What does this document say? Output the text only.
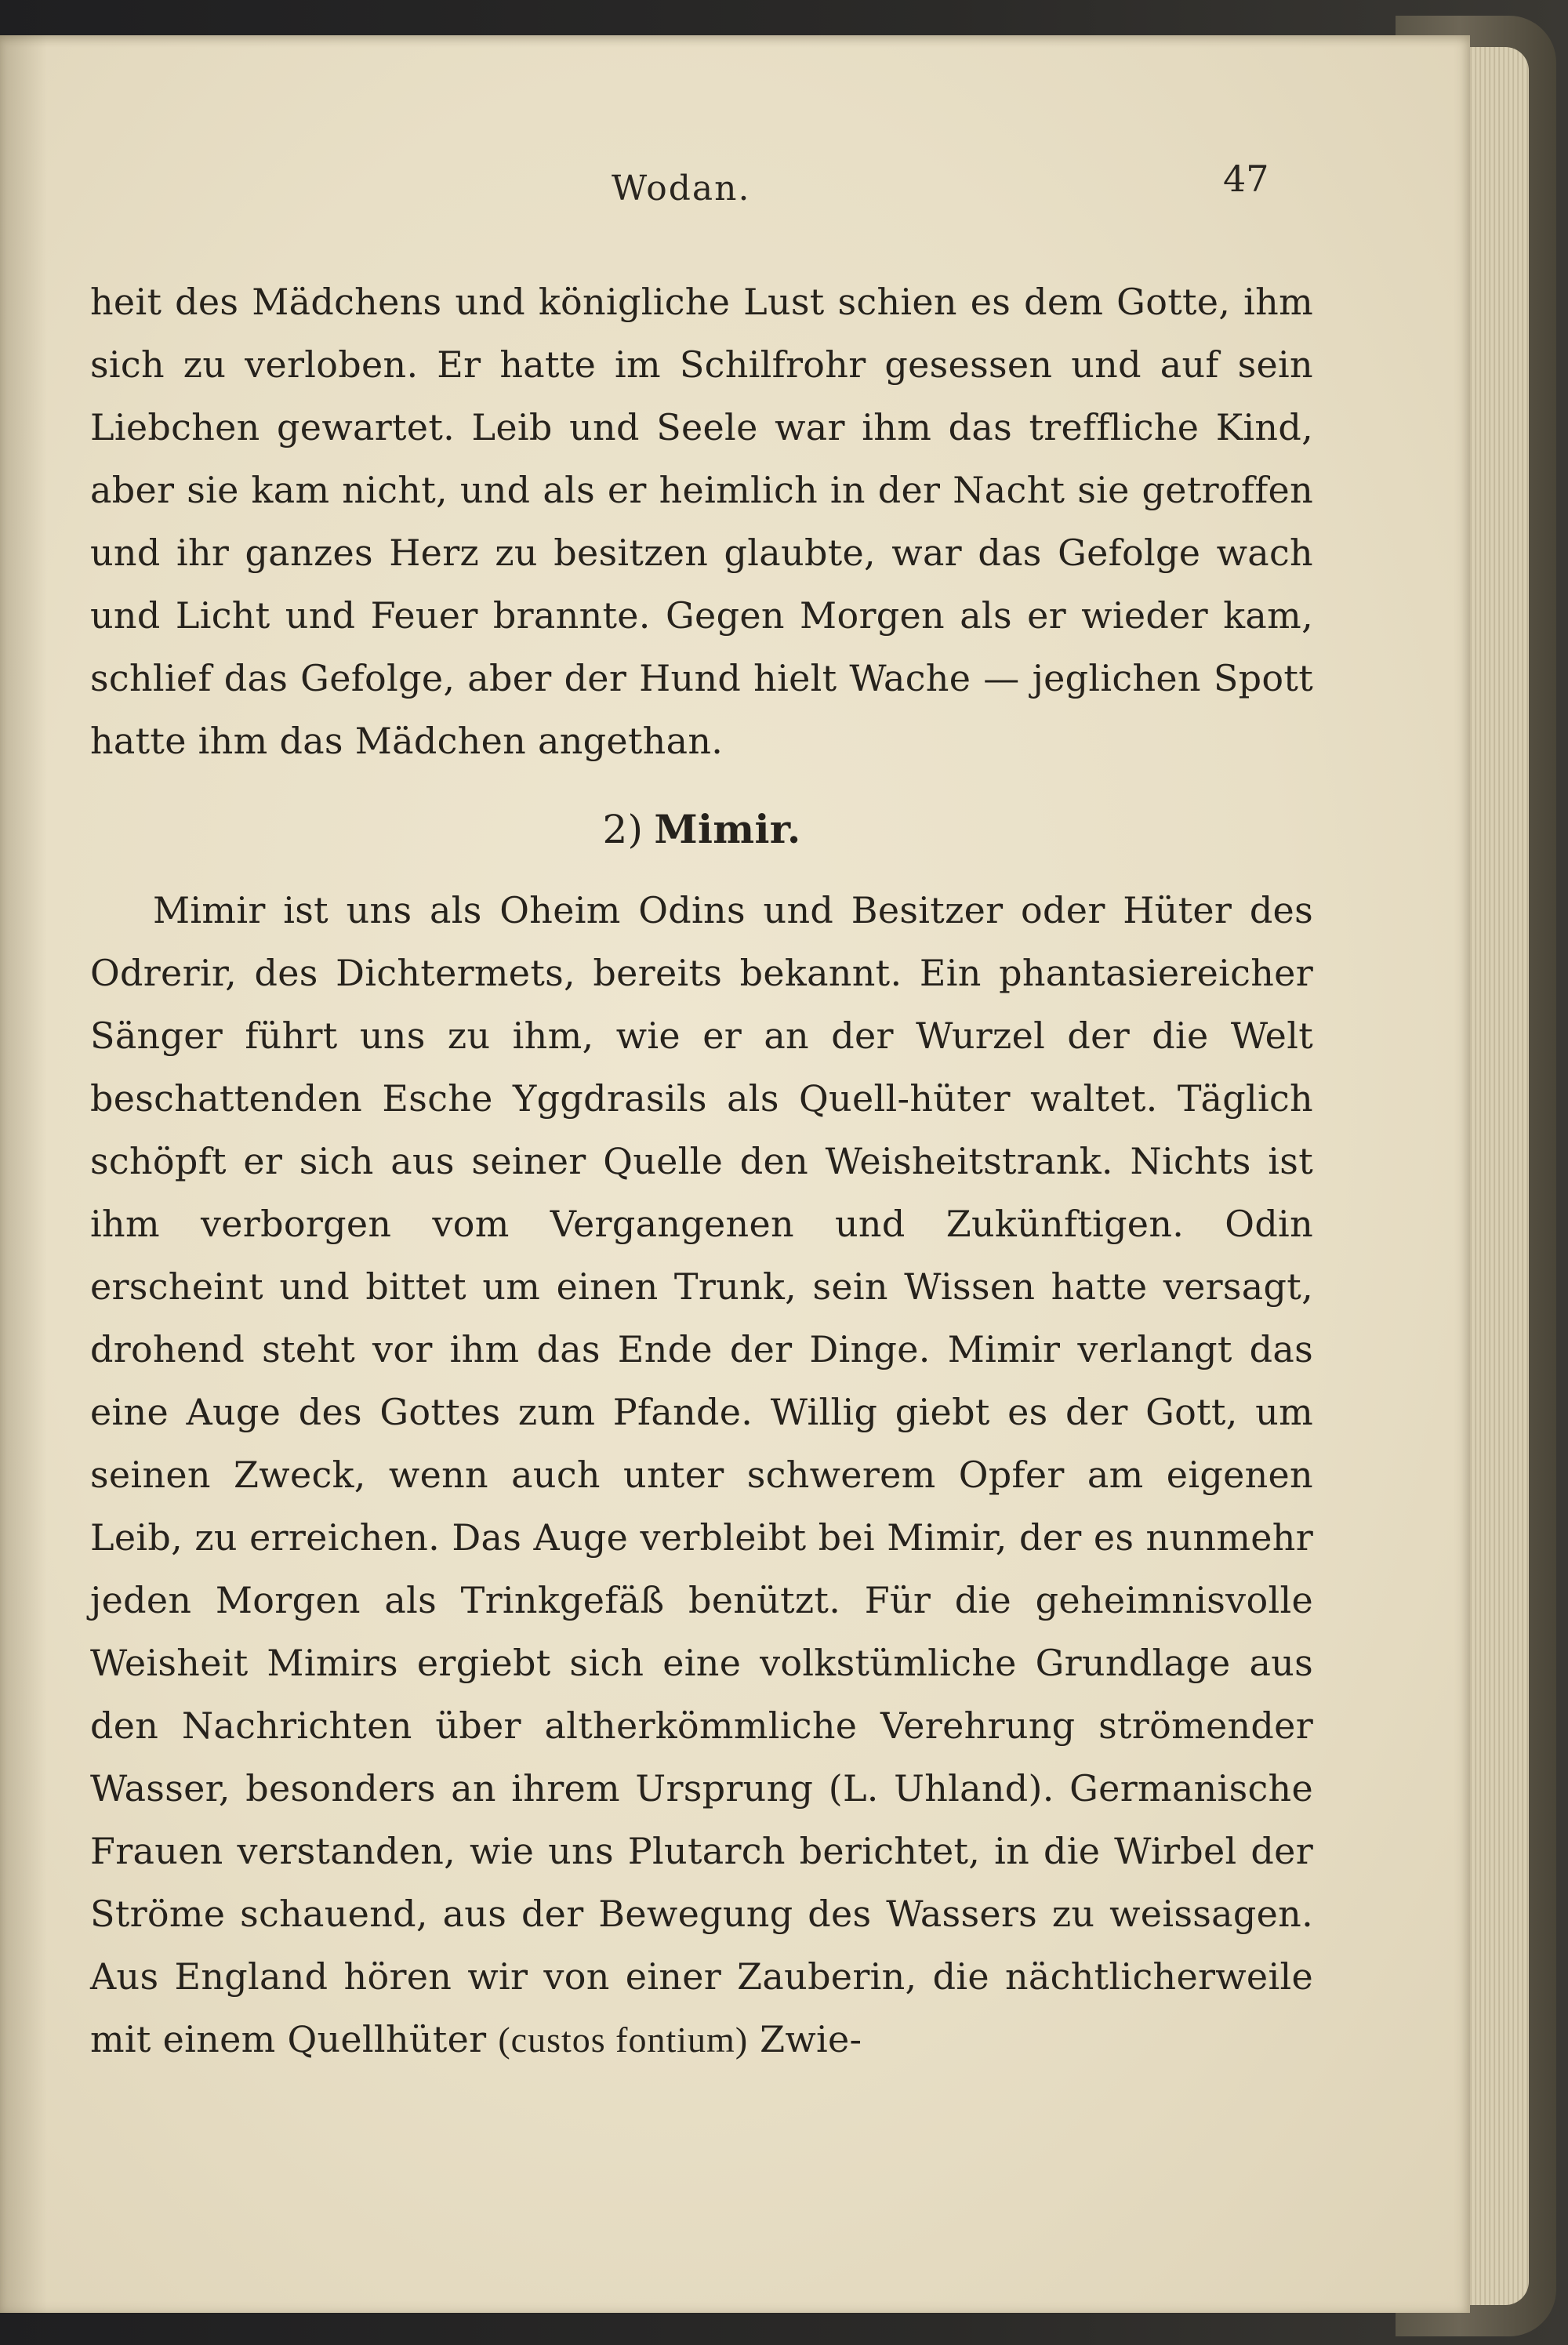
Wodan.	47

heit des Mädchens und königliche Lust schien es dem Gotte, ihm sich zu verloben. Er hatte im Schilfrohr gesessen und auf sein Liebchen gewartet. Leib und Seele war ihm das treffliche Kind, aber sie kam nicht, und als er heimlich in der Nacht sie getroffen und ihr ganzes Herz zu besitzen glaubte, war das Gefolge wach und Licht und Feuer brannte. Gegen Morgen als er wieder kam, schlief das Gefolge, aber der Hund hielt Wache — jeglichen Spott hatte ihm das Mädchen angethan.

2) Mimir.

Mimir ist uns als Oheim Odins und Besitzer oder Hüter des Odrerir, des Dichtermets, bereits bekannt. Ein phantasiereicher Sänger führt uns zu ihm, wie er an der Wurzel der die Welt beschattenden Esche Yggdrasils als Quell-hüter waltet. Täglich schöpft er sich aus seiner Quelle den Weisheitstrank. Nichts ist ihm verborgen vom Vergangenen und Zukünftigen. Odin erscheint und bittet um einen Trunk, sein Wissen hatte versagt, drohend steht vor ihm das Ende der Dinge. Mimir verlangt das eine Auge des Gottes zum Pfande. Willig giebt es der Gott, um seinen Zweck, wenn auch unter schwerem Opfer am eigenen Leib, zu erreichen. Das Auge verbleibt bei Mimir, der es nunmehr jeden Morgen als Trinkgefäß benützt. Für die geheimnisvolle Weisheit Mimirs ergiebt sich eine volkstümliche Grundlage aus den Nachrichten über altherkömmliche Verehrung strömender Wasser, besonders an ihrem Ursprung (L. Uhland). Germanische Frauen verstanden, wie uns Plutarch berichtet, in die Wirbel der Ströme schauend, aus der Bewegung des Wassers zu weissagen. Aus England hören wir von einer Zauberin, die nächtlicherweile mit einem Quellhüter (custos fontium) Zwie-
